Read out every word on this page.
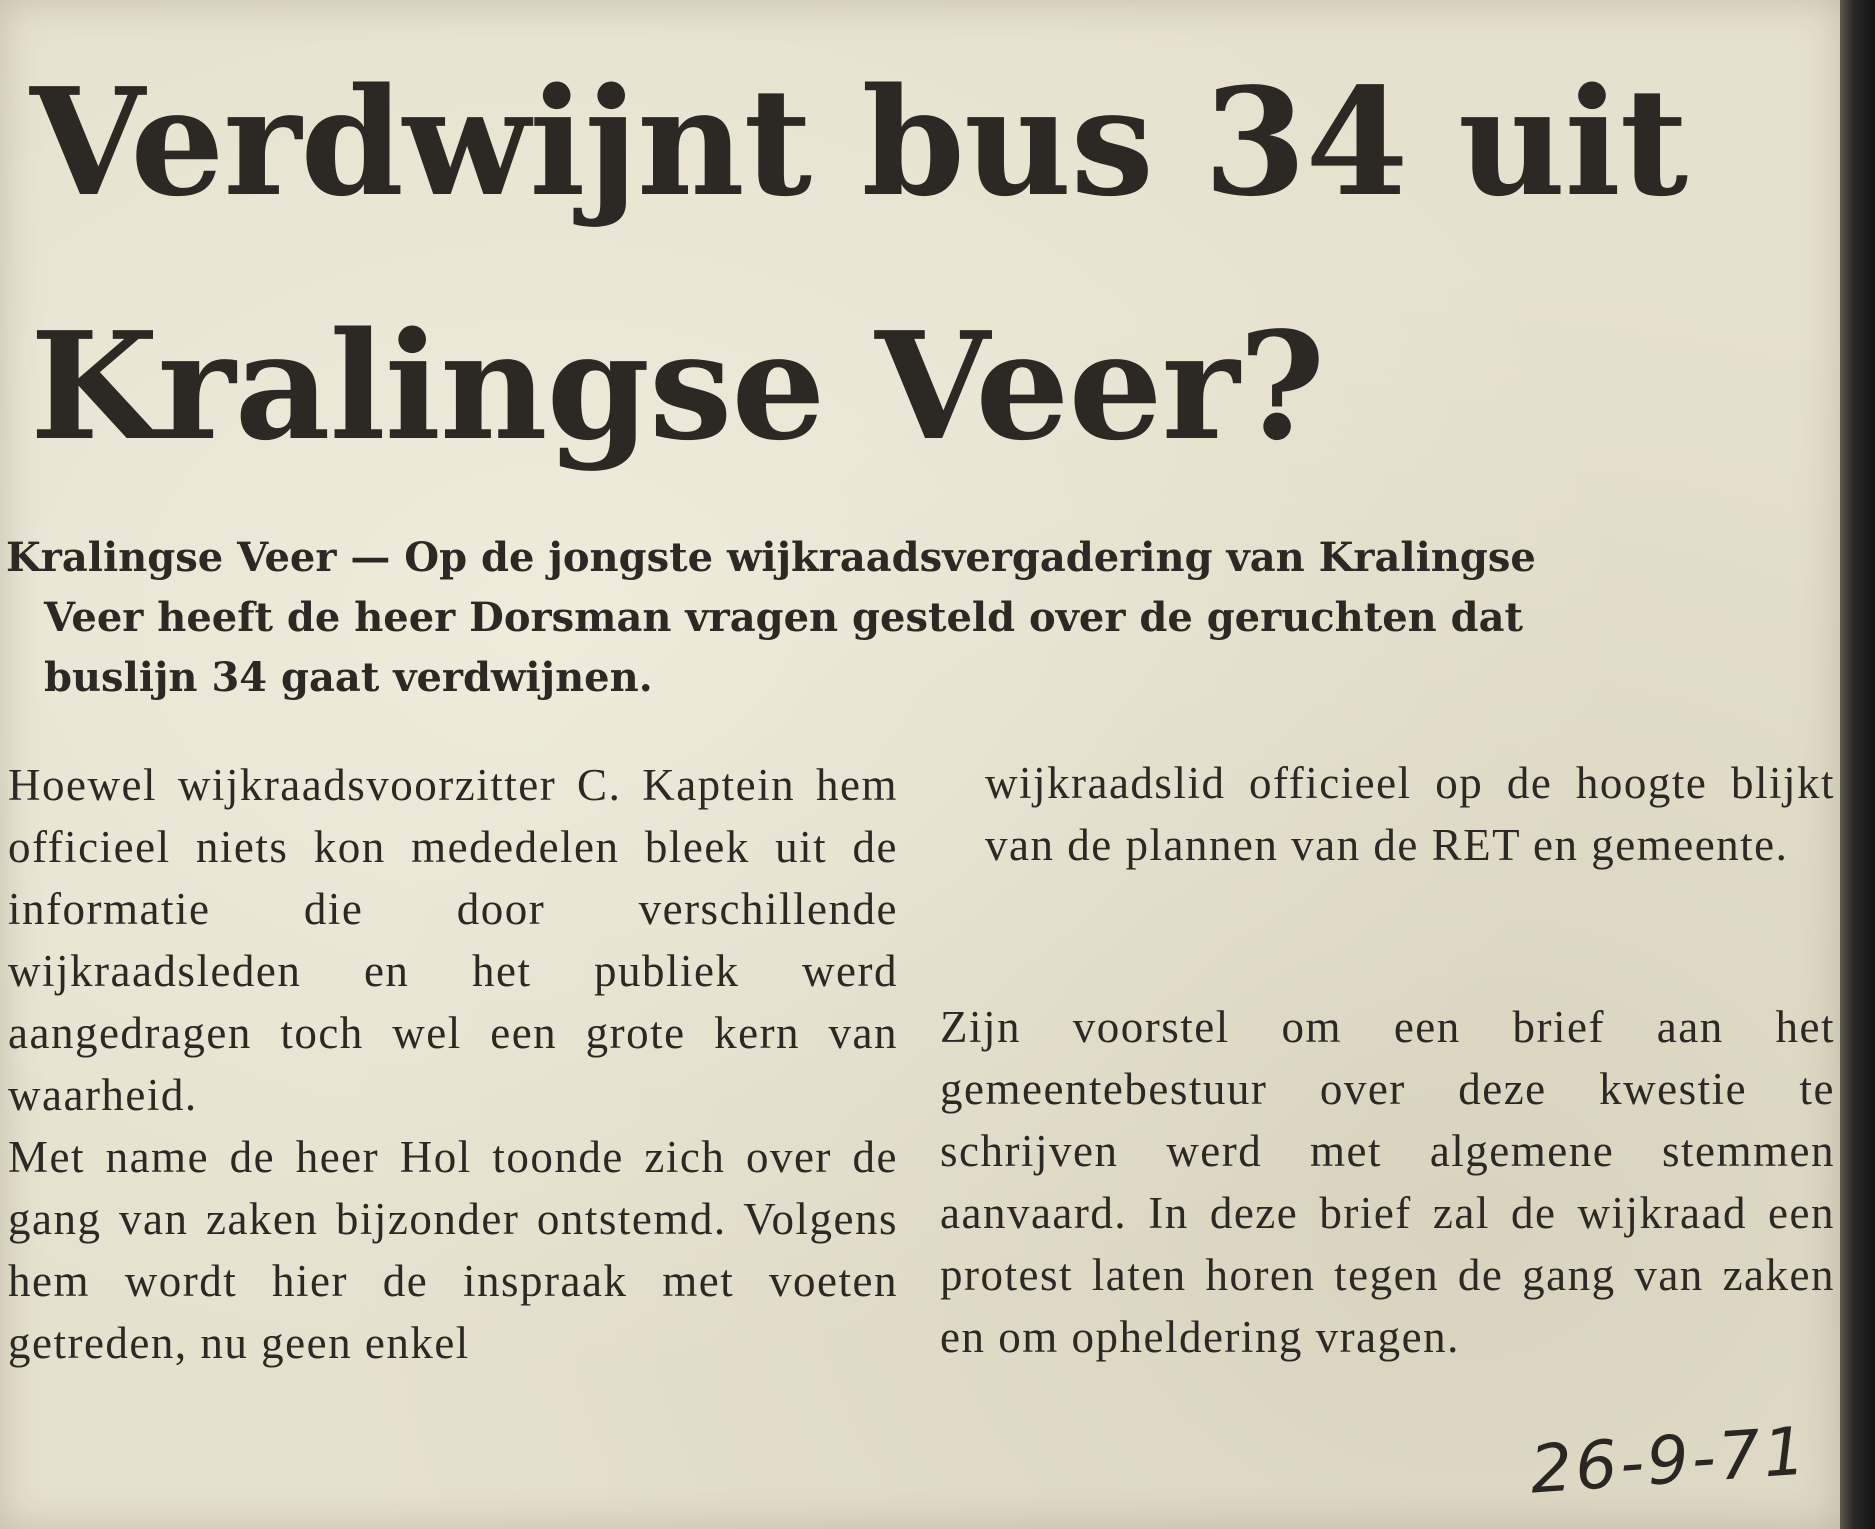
Verdwijnt bus 34 uit
Kralingse Veer?
Kralingse Veer — Op de jongste wijkraadsvergadering van Kralingse
Veer heeft de heer Dorsman vragen gesteld over de geruchten dat
buslijn 34 gaat verdwijnen.

Hoewel wijkraadsvoorzitter C. Kaptein hem officieel niets kon mededelen bleek uit de informatie die door verschillende wijkraadsleden en het publiek werd aangedragen toch wel een grote kern van waarheid.

Met name de heer Hol toonde zich over de gang van zaken bijzonder ontstemd. Volgens hem wordt hier de inspraak met voeten getreden, nu geen enkel

wijkraadslid officieel op de hoogte blijkt van de plannen van de RET en gemeente.

Zijn voorstel om een brief aan het gemeentebestuur over deze kwestie te schrijven werd met algemene stemmen aanvaard. In deze brief zal de wijkraad een protest laten horen tegen de gang van zaken en om opheldering vragen.

26-9-71
